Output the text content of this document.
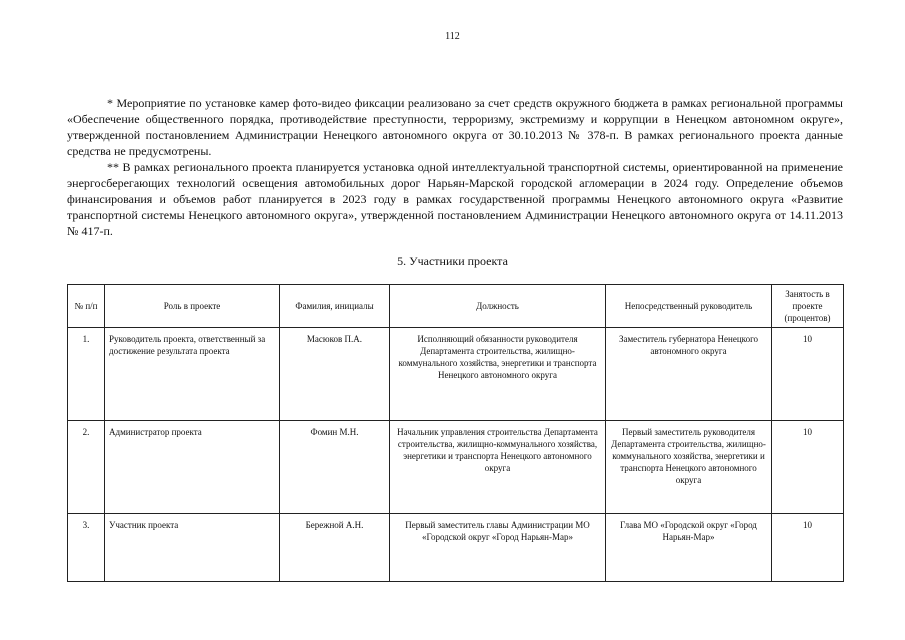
112

* Мероприятие по установке камер фото-видео фиксации реализовано за счет средств окружного бюджета в рамках региональной программы «Обеспечение общественного порядка, противодействие преступности, терроризму, экстремизму и коррупции в Ненецком автономном округе», утвержденной постановлением Администрации Ненецкого автономного округа от 30.10.2013 № 378-п. В рамках регионального проекта данные средства не предусмотрены.

** В рамках регионального проекта планируется установка одной интеллектуальной транспортной системы, ориентированной на применение энергосберегающих технологий освещения автомобильных дорог Нарьян-Марской городской агломерации в 2024 году. Определение объемов финансирования и объемов работ планируется в 2023 году в рамках государственной программы Ненецкого автономного округа «Развитие транспортной системы Ненецкого автономного округа», утвержденной постановлением Администрации Ненецкого автономного округа от 14.11.2013 № 417-п.

5. Участники проекта
№ п/п	Роль в проекте	Фамилия, инициалы	Должность	Непосредственный руководитель	Занятость в проекте (процентов)
1.	Руководитель проекта, ответственный за достижение результата проекта	Масюков П.А.	Исполняющий обязанности руководителя Департамента строительства, жилищно-коммунального хозяйства, энергетики и транспорта Ненецкого автономного округа	Заместитель губернатора Ненецкого автономного округа	10
2.	Администратор проекта	Фомин М.Н.	Начальник управления строительства Департамента строительства, жилищно-коммунального хозяйства, энергетики и транспорта Ненецкого автономного округа	Первый заместитель руководителя Департамента строительства, жилищно-коммунального хозяйства, энергетики и транспорта Ненецкого автономного округа	10
3.	Участник проекта	Бережной А.Н.	Первый заместитель главы Администрации МО «Городской округ «Город Нарьян-Мар»	Глава МО «Городской округ «Город Нарьян-Мар»	10
